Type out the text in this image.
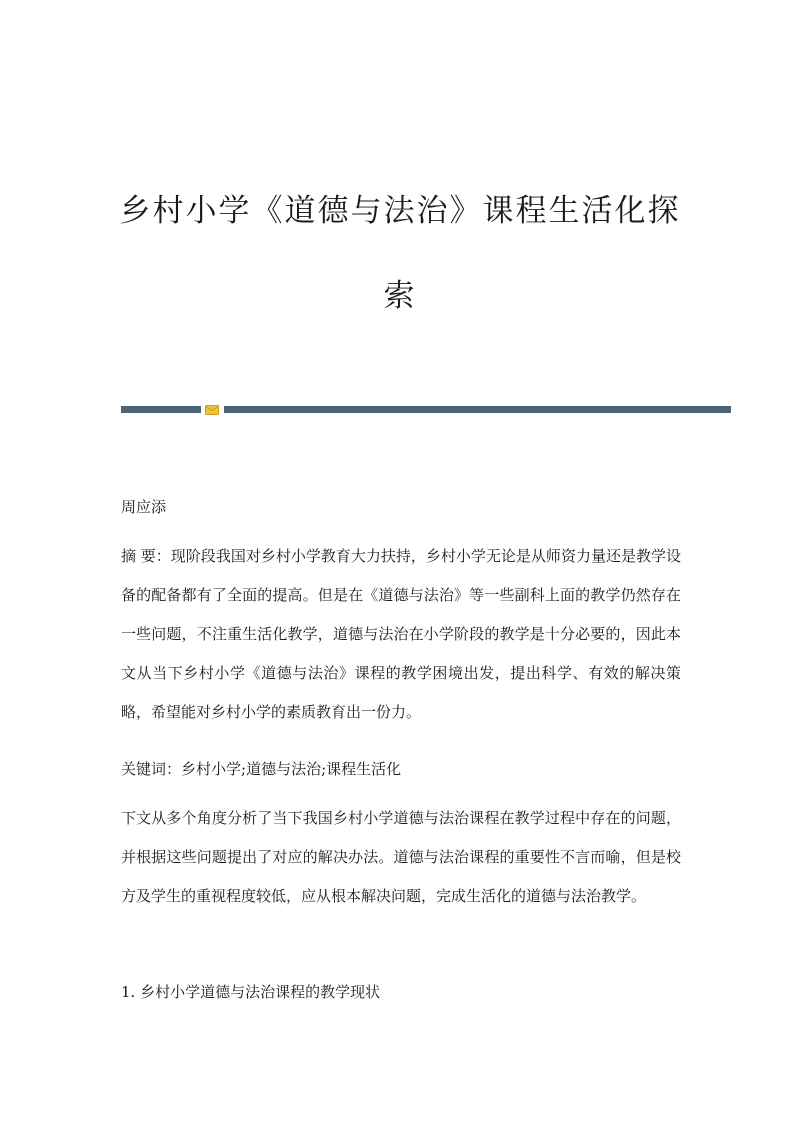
乡村小学《道德与法治》课程生活化探
索

周应添

摘 要：现阶段我国对乡村小学教育大力扶持，乡村小学无论是从师资力量还是教学设备的配备都有了全面的提高。但是在《道德与法治》等一些副科上面的教学仍然存在一些问题，不注重生活化教学，道德与法治在小学阶段的教学是十分必要的，因此本文从当下乡村小学《道德与法治》课程的教学困境出发，提出科学、有效的解决策略，希望能对乡村小学的素质教育出一份力。

关键词：乡村小学;道德与法治;课程生活化

下文从多个角度分析了当下我国乡村小学道德与法治课程在教学过程中存在的问题，并根据这些问题提出了对应的解决办法。道德与法治课程的重要性不言而喻，但是校方及学生的重视程度较低，应从根本解决问题，完成生活化的道德与法治教学。

1. 乡村小学道德与法治课程的教学现状
